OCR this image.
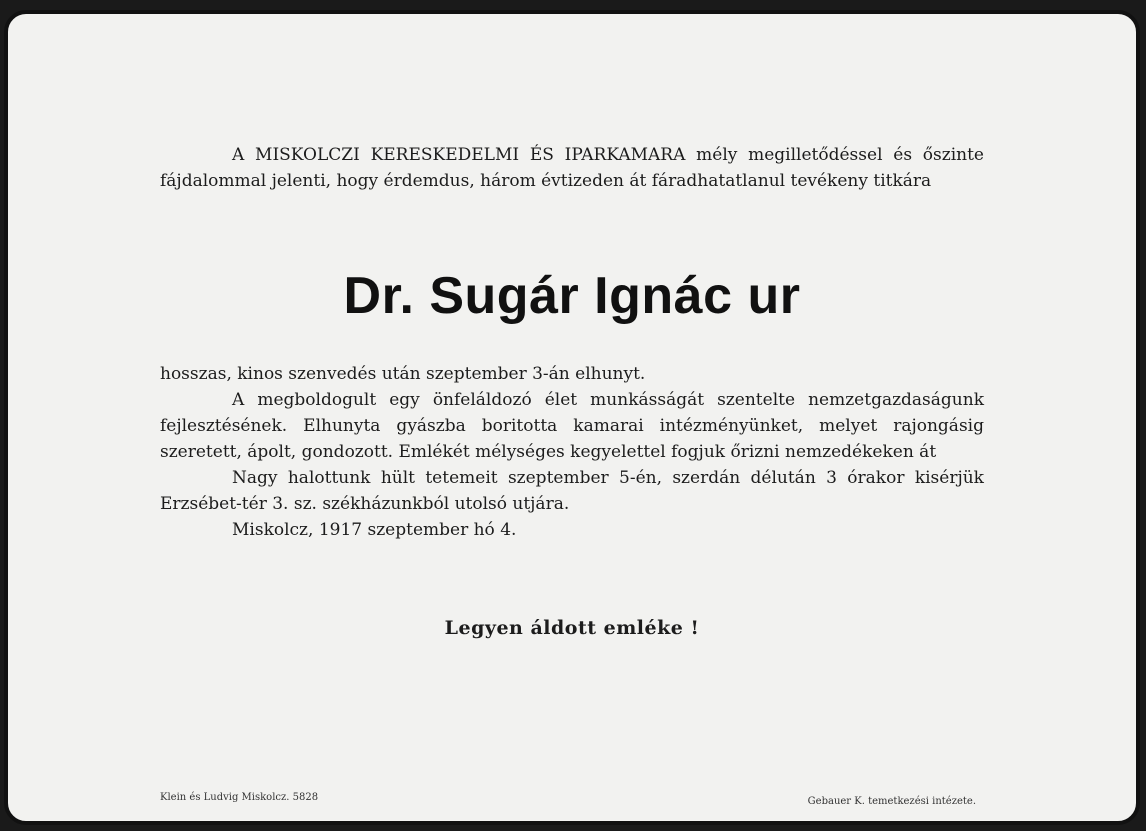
A MISKOLCZI KERESKEDELMI ÉS IPARKAMARA mély megilletődéssel és őszinte fájdalommal jelenti, hogy érdemdus, három évtizeden át fáradhatatlanul tevékeny titkára
Dr. Sugár Ignác ur

hosszas, kinos szenvedés után szeptember 3-án elhunyt.

A megboldogult egy önfeláldozó élet munkásságát szentelte nemzetgazdaságunk fejlesztésének. Elhunyta gyászba boritotta kamarai intézményünket, melyet rajongásig szeretett, ápolt, gondozott. Emlékét mélységes kegyelettel fogjuk őrizni nemzedékeken át

Nagy halottunk hült tetemeit szeptember 5-én, szerdán délután 3 órakor kisérjük Erzsébet-tér 3. sz. székházunkból utolsó utjára.

Miskolcz, 1917 szeptember hó 4.

Legyen áldott emléke !
Klein és Ludvig Miskolcz. 5828	Gebauer K. temetkezési intézete.
